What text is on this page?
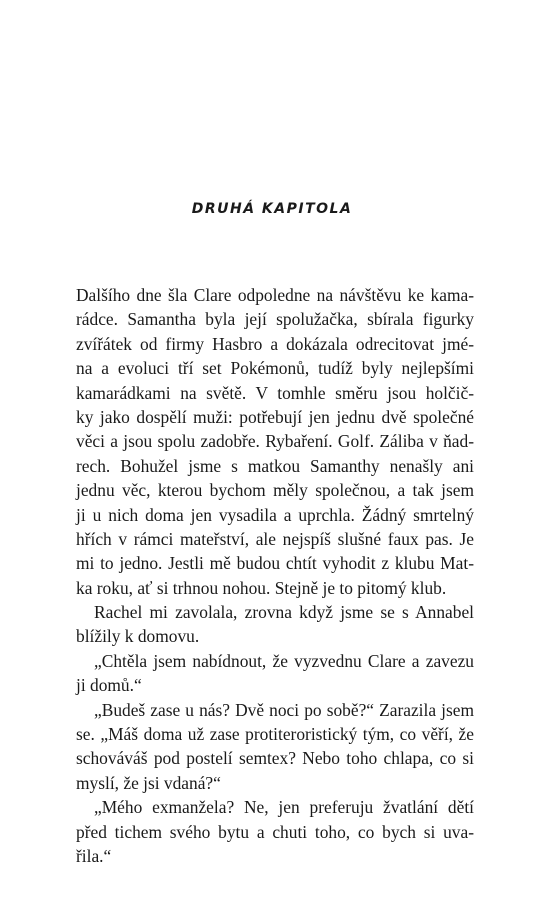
DRUHÁ KAPITOLA
Dalšího dne šla Clare odpoledne na návštěvu ke kama-
rádce. Samantha byla její spolužačka, sbírala figurky
zvířátek od firmy Hasbro a dokázala odrecitovat jmé-
na a evoluci tří set Pokémonů, tudíž byly nejlepšími
kamarádkami na světě. V tomhle směru jsou holčič-
ky jako dospělí muži: potřebují jen jednu dvě společné
věci a jsou spolu zadobře. Rybaření. Golf. Záliba v ňad-
rech. Bohužel jsme s matkou Samanthy nenašly ani
jednu věc, kterou bychom měly společnou, a tak jsem
ji u nich doma jen vysadila a uprchla. Žádný smrtelný
hřích v rámci mateřství, ale nejspíš slušné faux pas. Je
mi to jedno. Jestli mě budou chtít vyhodit z klubu Mat-
ka roku, ať si trhnou nohou. Stejně je to pitomý klub.
Rachel mi zavolala, zrovna když jsme se s Annabel
blížily k domovu.
„Chtěla jsem nabídnout, že vyzvednu Clare a zavezu
ji domů.“
„Budeš zase u nás? Dvě noci po sobě?“ Zarazila jsem
se. „Máš doma už zase protiteroristický tým, co věří, že
schováváš pod postelí semtex? Nebo toho chlapa, co si
myslí, že jsi vdaná?“
„Mého exmanžela? Ne, jen preferuju žvatlání dětí
před tichem svého bytu a chuti toho, co bych si uva-
řila.“
